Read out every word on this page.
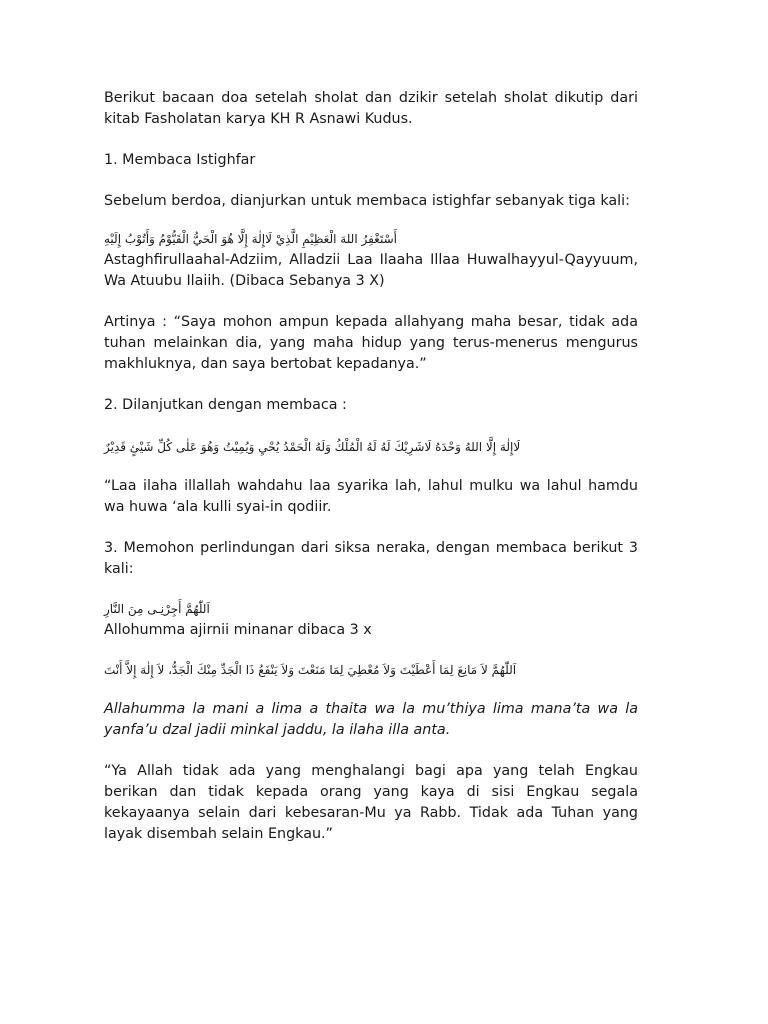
Berikut bacaan doa setelah sholat dan dzikir setelah sholat dikutip dari kitab Fasholatan karya KH R Asnawi Kudus.

1. Membaca Istighfar

Sebelum berdoa, dianjurkan untuk membaca istighfar sebanyak tiga kali:

أَسْتَغْفِرُ اللهَ الْعَظِيْمِ الَّذِيْ لَاإِلٰهَ إِلَّا هُوَ الْحَيُّ الْقَيُّوْمُ وَأَتُوْبُ إِلَيْهِ

Astaghfirullaahal-Adziim, Alladzii Laa Ilaaha Illaa Huwalhayyul-Qayyuum, Wa Atuubu Ilaiih. (Dibaca Sebanya 3 X)

Artinya : “Saya mohon ampun kepada allahyang maha besar, tidak ada tuhan melainkan dia, yang maha hidup yang terus-menerus mengurus makhluknya, dan saya bertobat kepadanya.”

2. Dilanjutkan dengan membaca :

لَاإِلٰهَ إِلَّا اللهُ وَحْدَهُ لَاشَرِيْكَ لَهُ لَهُ الْمُلْكُ وَلَهُ الْحَمْدُ يُحْيِ وَيُمِيْتُ وَهُوَ عَلٰى كُلِّ شَيْئٍ قَدِيْرٌ

“Laa ilaha illallah wahdahu laa syarika lah, lahul mulku wa lahul hamdu wa huwa ‘ala kulli syai-in qodiir.

3. Memohon perlindungan dari siksa neraka, dengan membaca berikut 3 kali:

اَللّٰهُمَّ أَجِرْنِـى مِنَ النَّارِ

Allohumma ajirnii minanar dibaca 3 x

اَللّٰهُمَّ لاَ مَانِعَ لِمَا أَعْطَيْتَ وَلاَ مُعْطِيَ لِمَا مَنَعْتَ وَلاَ يَنْفَعُ ذَا الْجَدِّ مِنْكَ الْجَدُّ، لاَ إِلٰهَ إِلاَّ أَنْتَ

Allahumma la mani a lima a thaita wa la mu’thiya lima mana’ta wa la yanfa’u dzal jadii minkal jaddu, la ilaha illa anta.

“Ya Allah tidak ada yang menghalangi bagi apa yang telah Engkau berikan dan tidak kepada orang yang kaya di sisi Engkau segala kekayaanya selain dari kebesaran-Mu ya Rabb. Tidak ada Tuhan yang layak disembah selain Engkau.”
